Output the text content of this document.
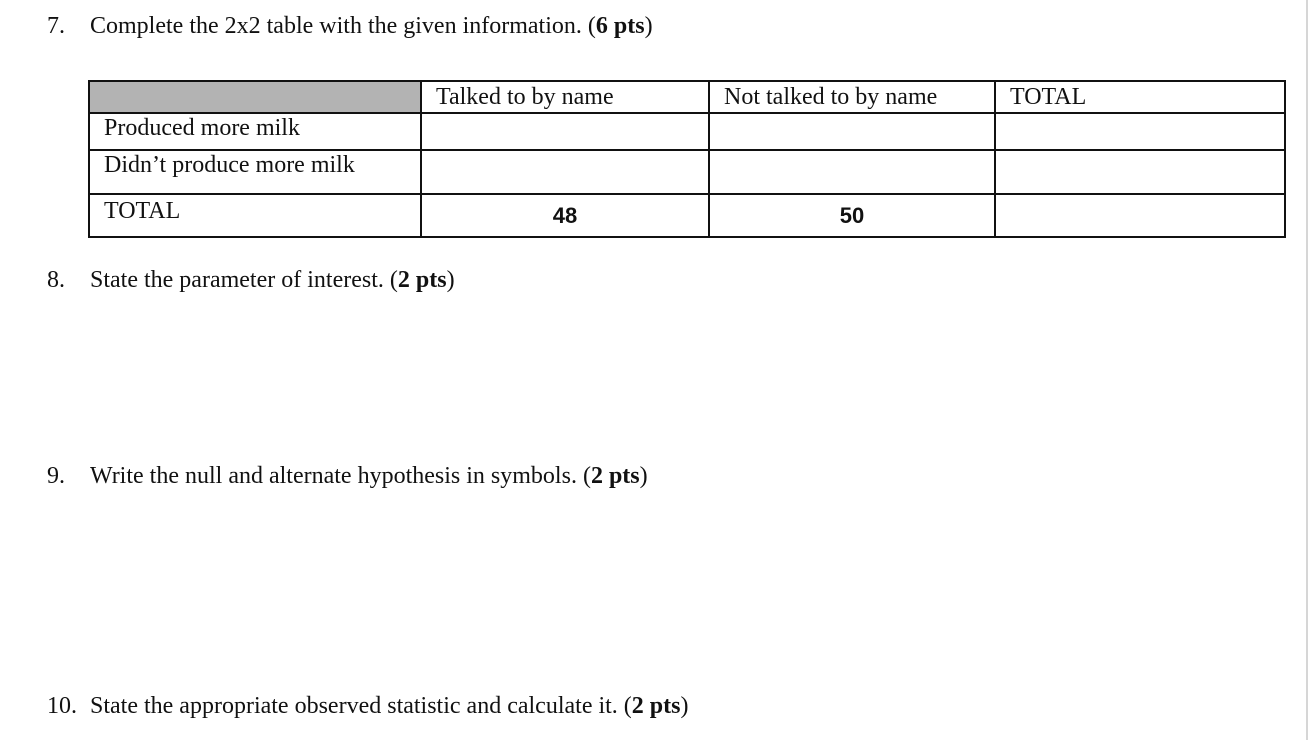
7. Complete the 2x2 table with the given information. (6 pts)
	Talked to by name	Not talked to by name	TOTAL
Produced more milk			
Didn’t produce more milk			
TOTAL	48	50	
8. State the parameter of interest. (2 pts)
9. Write the null and alternate hypothesis in symbols. (2 pts)
10. State the appropriate observed statistic and calculate it. (2 pts)
